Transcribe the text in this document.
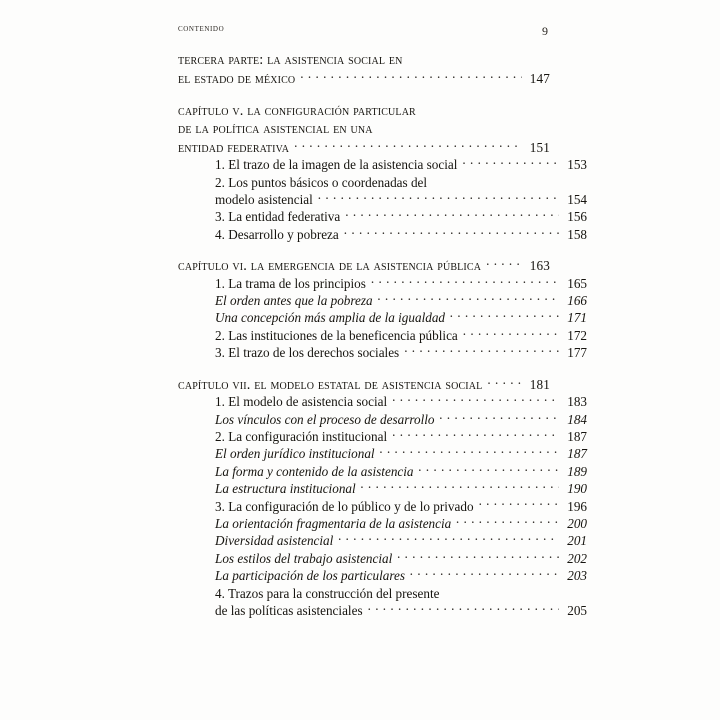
contenido	9
tercera parte: la asistencia social en
el estado de méxico . . .	147
capítulo v. la configuración particular
de la política asistencial en una
entidad federativa . . .	151
1. El trazo de la imagen de la asistencia social . . .	153
2. Los puntos básicos o coordenadas del
modelo asistencial . . .	154
3. La entidad federativa . . .	156
4. Desarrollo y pobreza . . .	158
capítulo vi. la emergencia de la asistencia pública . . .	163
1. La trama de los principios . . .	165
El orden antes que la pobreza . . .	166
Una concepción más amplia de la igualdad . . .	171
2. Las instituciones de la beneficencia pública . . .	172
3. El trazo de los derechos sociales . . .	177
capítulo vii. el modelo estatal de asistencia social . . .	181
1. El modelo de asistencia social . . .	183
Los vínculos con el proceso de desarrollo . . .	184
2. La configuración institucional . . .	187
El orden jurídico institucional . . .	187
La forma y contenido de la asistencia . . .	189
La estructura institucional . . .	190
3. La configuración de lo público y de lo privado . . .	196
La orientación fragmentaria de la asistencia . . .	200
Diversidad asistencial . . .	201
Los estilos del trabajo asistencial . . .	202
La participación de los particulares . . .	203
4. Trazos para la construcción del presente
de las políticas asistenciales . . .	205
